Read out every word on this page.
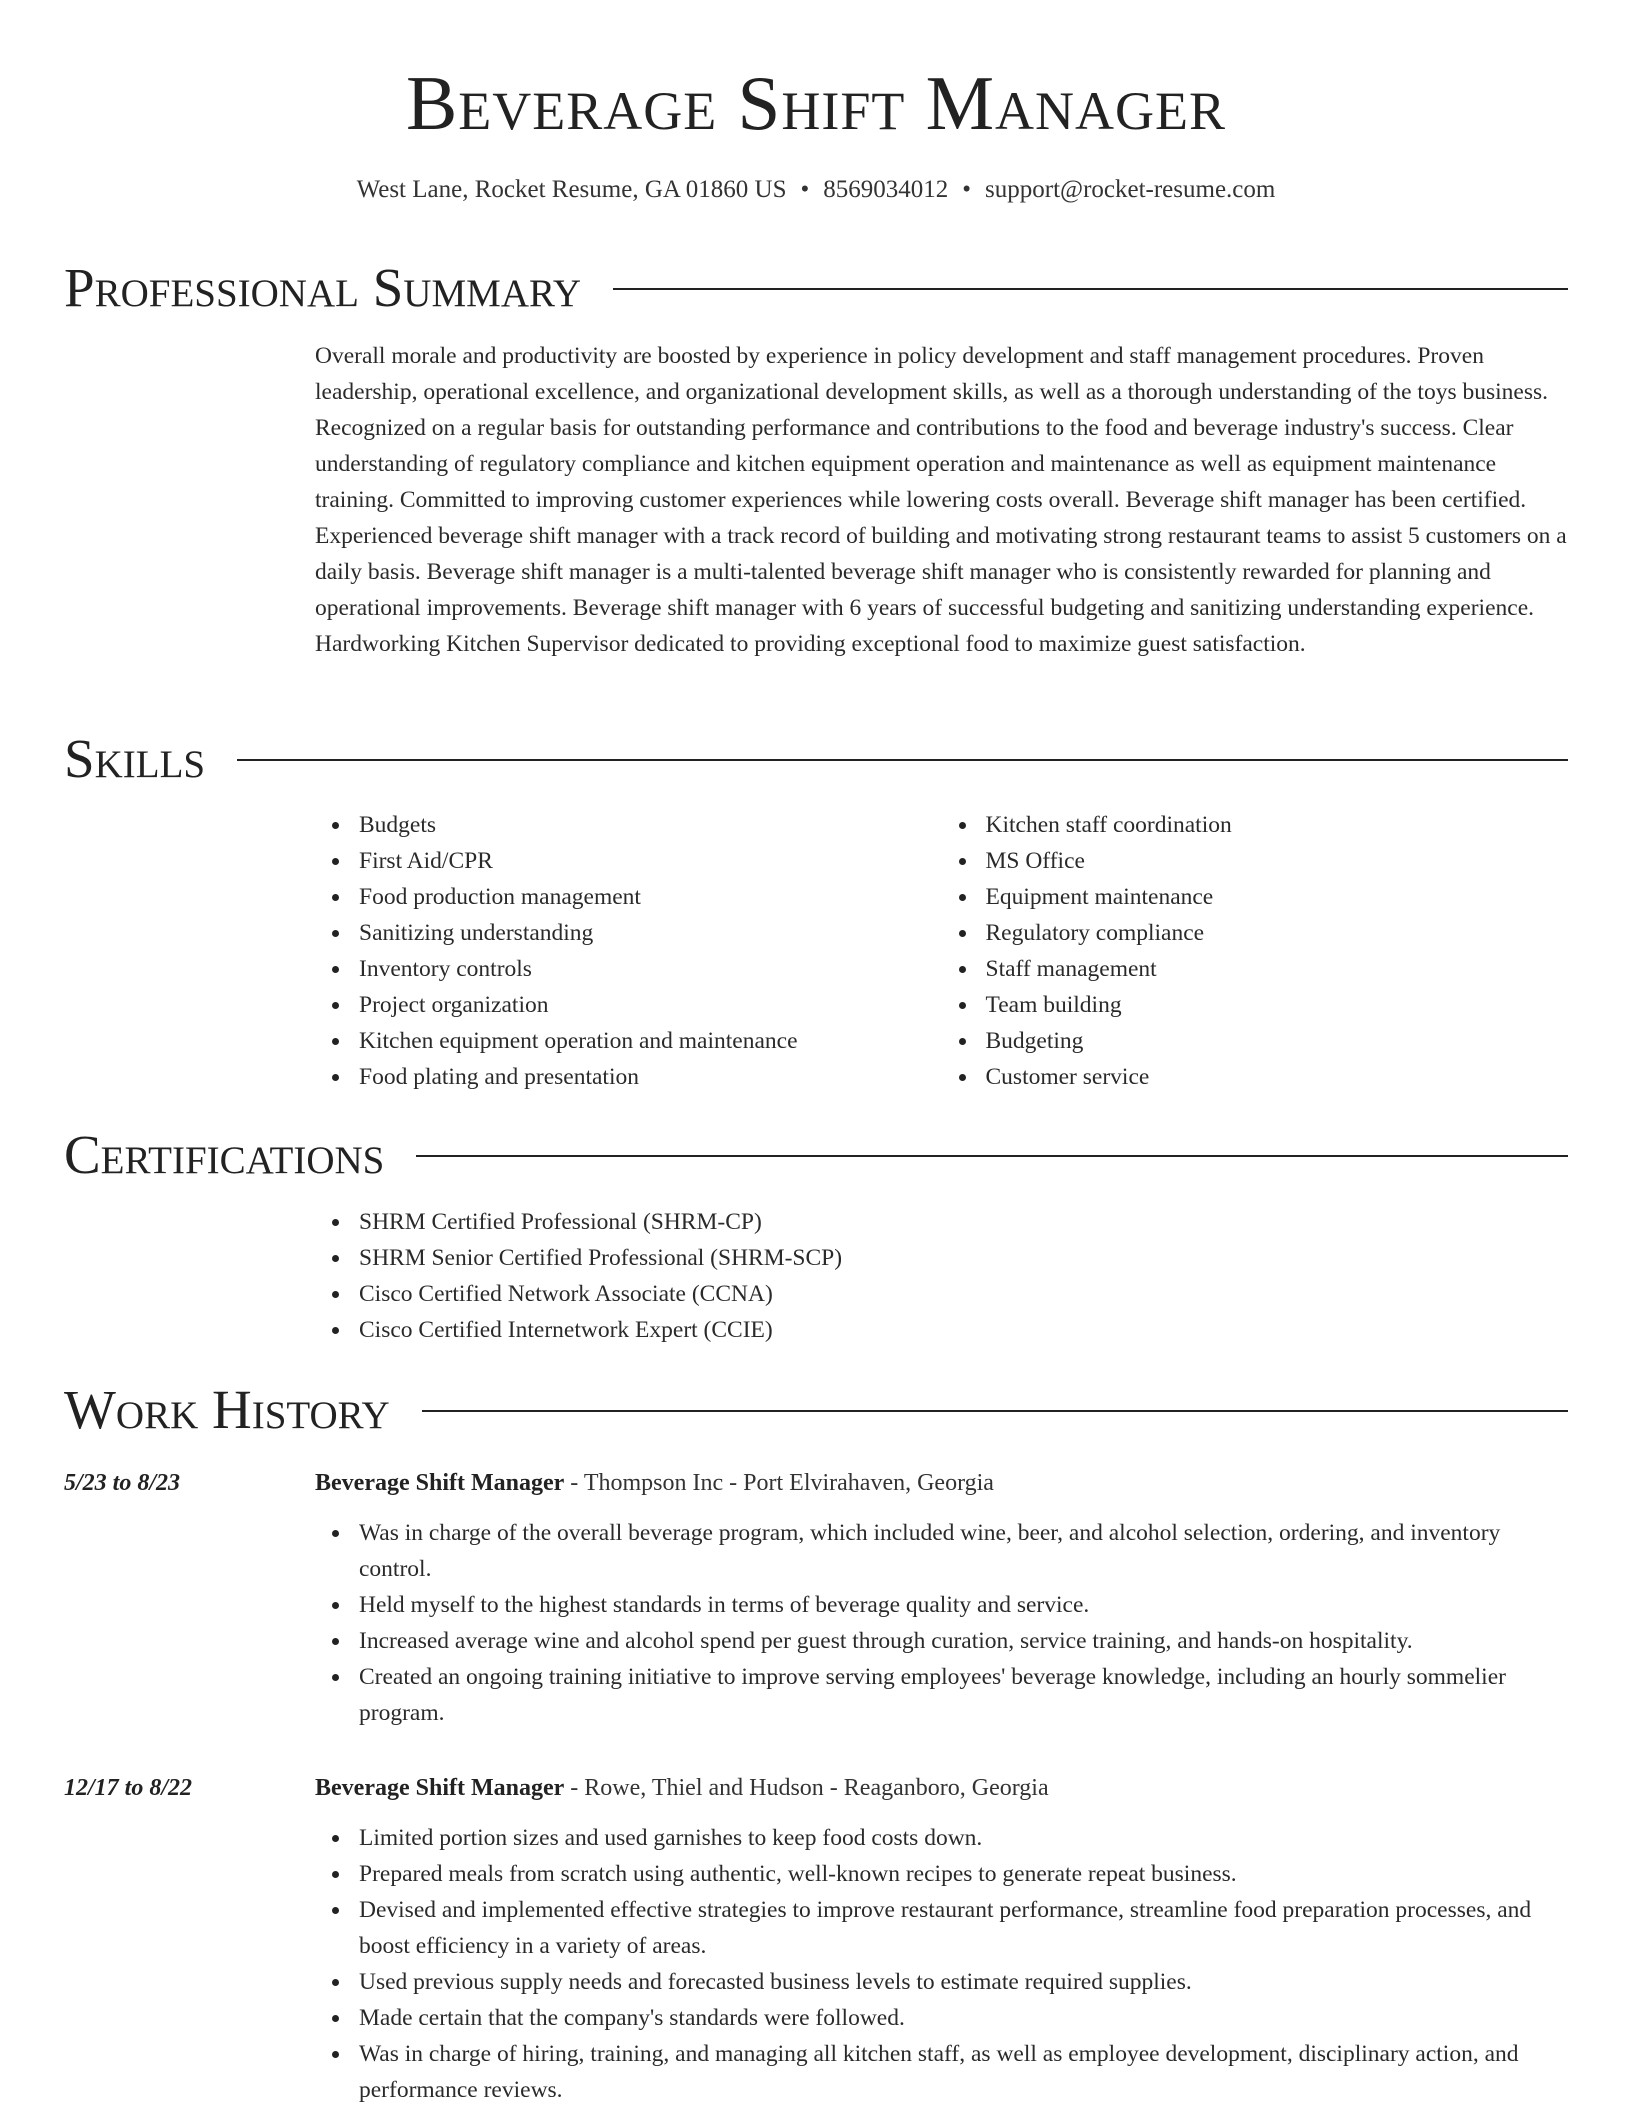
Beverage Shift Manager
West Lane, Rocket Resume, GA 01860 US • 8569034012 • support@rocket-resume.com
Professional Summary

Overall morale and productivity are boosted by experience in policy development and staff management procedures. Proven leadership, operational excellence, and organizational development skills, as well as a thorough understanding of the toys business. Recognized on a regular basis for outstanding performance and contributions to the food and beverage industry's success. Clear understanding of regulatory compliance and kitchen equipment operation and maintenance as well as equipment maintenance training. Committed to improving customer experiences while lowering costs overall. Beverage shift manager has been certified. Experienced beverage shift manager with a track record of building and motivating strong restaurant teams to assist 5 customers on a daily basis. Beverage shift manager is a multi-talented beverage shift manager who is consistently rewarded for planning and operational improvements. Beverage shift manager with 6 years of successful budgeting and sanitizing understanding experience. Hardworking Kitchen Supervisor dedicated to providing exceptional food to maximize guest satisfaction.

Skills
Budgets
First Aid/CPR
Food production management
Sanitizing understanding
Inventory controls
Project organization
Kitchen equipment operation and maintenance
Food plating and presentation
Kitchen staff coordination
MS Office
Equipment maintenance
Regulatory compliance
Staff management
Team building
Budgeting
Customer service
Certifications
SHRM Certified Professional (SHRM-CP)
SHRM Senior Certified Professional (SHRM-SCP)
Cisco Certified Network Associate (CCNA)
Cisco Certified Internetwork Expert (CCIE)
Work History
5/23 to 8/23	Beverage Shift Manager - Thompson Inc - Port Elvirahaven, Georgia
Was in charge of the overall beverage program, which included wine, beer, and alcohol selection, ordering, and inventory control.
Held myself to the highest standards in terms of beverage quality and service.
Increased average wine and alcohol spend per guest through curation, service training, and hands-on hospitality.
Created an ongoing training initiative to improve serving employees' beverage knowledge, including an hourly sommelier program.
12/17 to 8/22	Beverage Shift Manager - Rowe, Thiel and Hudson - Reaganboro, Georgia
Limited portion sizes and used garnishes to keep food costs down.
Prepared meals from scratch using authentic, well-known recipes to generate repeat business.
Devised and implemented effective strategies to improve restaurant performance, streamline food preparation processes, and boost efficiency in a variety of areas.
Used previous supply needs and forecasted business levels to estimate required supplies.
Made certain that the company's standards were followed.
Was in charge of hiring, training, and managing all kitchen staff, as well as employee development, disciplinary action, and performance reviews.
